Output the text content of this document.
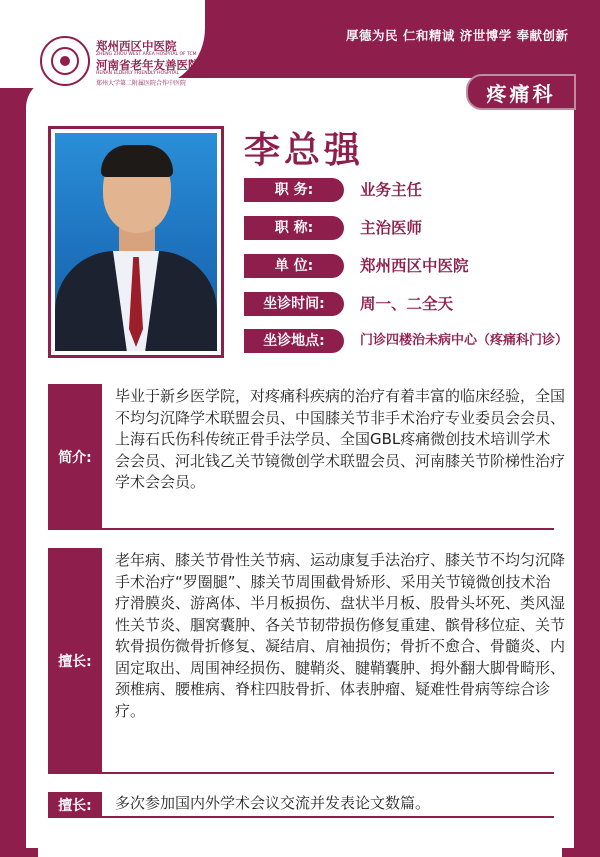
郑州西区中医院
ZHENG ZHOU WEST AREA HOSPITAL OF TCM
河南省老年友善医院
HENAN ELDERLY FRIENDLY HOSPITAL
郑州大学第二附属医院合作中医院
厚德为民 仁和精诚 济世博学 奉献创新
疼痛科
李总强
职 务:	业务主任
职 称:	主治医师
单 位:	郑州西区中医院
坐诊时间:	周一、二全天
坐诊地点:	门诊四楼治未病中心（疼痛科门诊）
简介:
毕业于新乡医学院，对疼痛科疾病的治疗有着丰富的临床经验，全国不均匀沉降学术联盟会员、中国膝关节非手术治疗专业委员会会员、上海石氏伤科传统正骨手法学员、全国GBL疼痛微创技术培训学术会会员、河北钱乙关节镜微创学术联盟会员、河南膝关节阶梯性治疗学术会会员。
擅长:
老年病、膝关节骨性关节病、运动康复手法治疗、膝关节不均匀沉降手术治疗“罗圈腿”、膝关节周围截骨矫形、采用关节镜微创技术治疗滑膜炎、游离体、半月板损伤、盘状半月板、股骨头坏死、类风湿性关节炎、腘窝囊肿、各关节韧带损伤修复重建、髌骨移位症、关节软骨损伤微骨折修复、凝结肩、肩袖损伤；骨折不愈合、骨髓炎、内固定取出、周围神经损伤、腱鞘炎、腱鞘囊肿、拇外翻大脚骨畸形、颈椎病、腰椎病、脊柱四肢骨折、体表肿瘤、疑难性骨病等综合诊疗。
擅长:	多次参加国内外学术会议交流并发表论文数篇。
